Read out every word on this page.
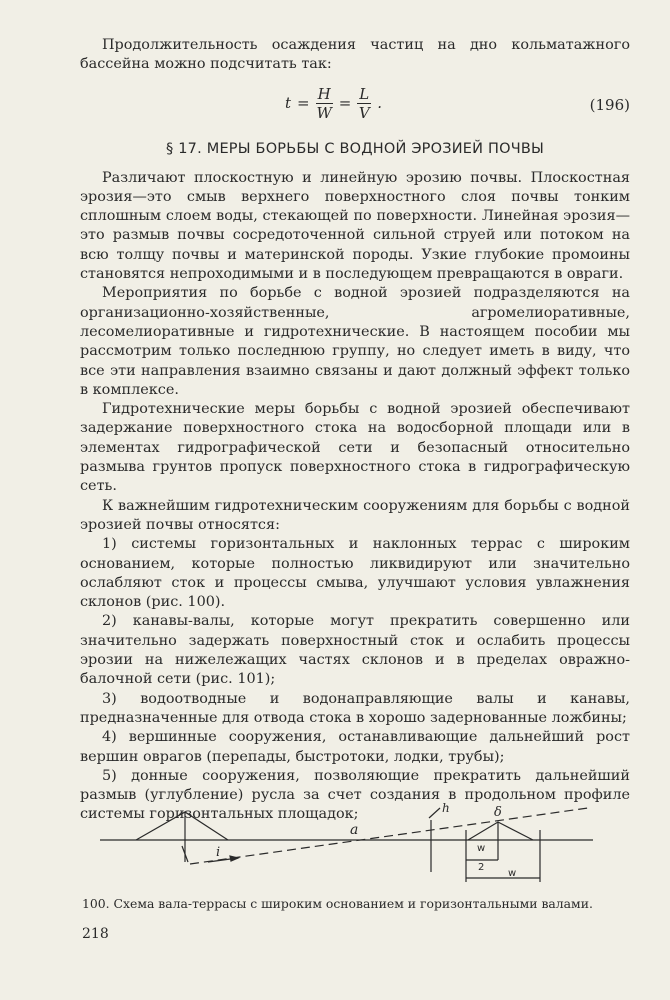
Продолжительность осаждения частиц на дно кольматажного бассейна можно подсчитать так:

$t = \frac{H}{W} = \frac{L}{V}$ .	(196)
§ 17. МЕРЫ БОРЬБЫ С ВОДНОЙ ЭРОЗИЕЙ ПОЧВЫ

Различают плоскостную и линейную эрозию почвы. Плоскостная эрозия—это смыв верхнего поверхностного слоя почвы тонким сплошным слоем воды, стекающей по поверхности. Линейная эрозия—это размыв почвы сосредоточенной сильной струей или потоком на всю толщу почвы и материнской породы. Узкие глубокие промоины становятся непроходимыми и в последующем превращаются в овраги.

Мероприятия по борьбе с водной эрозией подразделяются на организационно-хозяйственные, агромелиоративные, лесомелиоративные и гидротехнические. В настоящем пособии мы рассмотрим только последнюю группу, но следует иметь в виду, что все эти направления взаимно связаны и дают должный эффект только в комплексе.

Гидротехнические меры борьбы с водной эрозией обеспечивают задержание поверхностного стока на водосборной площади или в элементах гидрографической сети и безопасный относительно размыва грунтов пропуск поверхностного стока в гидрографическую сеть.

К важнейшим гидротехническим сооружениям для борьбы с водной эрозией почвы относятся:

1) системы горизонтальных и наклонных террас с широким основанием, которые полностью ликвидируют или значительно ослабляют сток и процессы смыва, улучшают условия увлажнения склонов (рис. 100).

2) канавы-валы, которые могут прекратить совершенно или значительно задержать поверхностный сток и ослабить процессы эрозии на нижележащих частях склонов и в пределах овражно-балочной сети (рис. 101);

3) водоотводные и водонаправляющие валы и канавы, предназначенные для отвода стока в хорошо задернованные ложбины;

4) вершинные сооружения, останавливающие дальнейший рост вершин оврагов (перепады, быстротоки, лодки, трубы);

5) донные сооружения, позволяющие прекратить дальнейший размыв (углубление) русла за счет создания в продольном профиле системы горизонтальных площадок;

a
i
h	δ
w
2
w
100. Схема вала-террасы с широким основанием и горизонтальными валами.
218
